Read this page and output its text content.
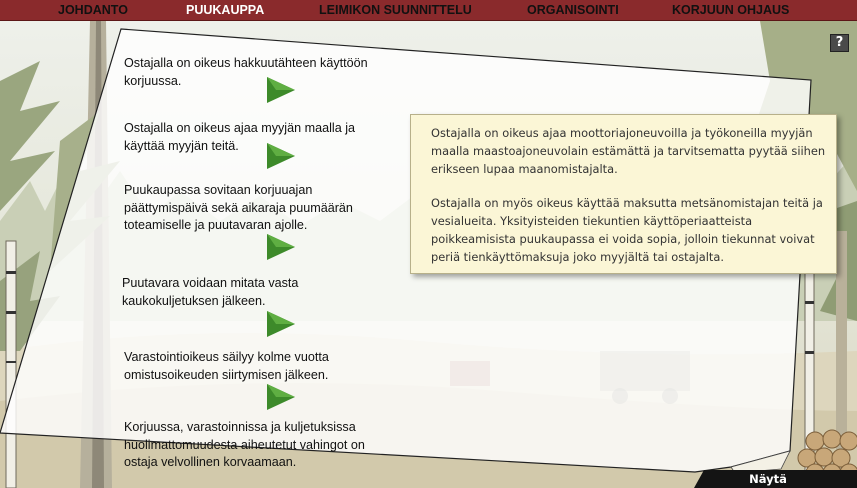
JOHDANTO	PUUKAUPPA	LEIMIKON SUUNNITTELU	ORGANISOINTI	KORJUUN OHJAUS
Ostajalla on oikeus hakkuutähteen käyttöön korjuussa.
Ostajalla on oikeus ajaa myyjän maalla ja käyttää myyjän teitä.
Puukaupassa sovitaan korjuuajan päättymispäivä sekä aikaraja puumäärän toteamiselle ja puutavaran ajolle.
Puutavara voidaan mitata vasta kaukokuljetuksen jälkeen.
Varastointioikeus säilyy kolme vuotta omistusoikeuden siirtymisen jälkeen.
Korjuussa, varastoinnissa ja kuljetuksissa huolimattomuudesta aiheutetut vahingot on ostaja velvollinen korvaamaan.

Ostajalla on oikeus ajaa moottoriajoneuvoilla ja työkoneilla myyjän maalla maastoajoneuvolain estämättä ja tarvitsematta pyytää siihen erikseen lupaa maanomistajalta.

Ostajalla on myös oikeus käyttää maksutta metsänomistajan teitä ja vesialueita. Yksityisteiden tiekuntien käyttöperiaatteista poikkeamisista puukaupassa ei voida sopia, jolloin tiekunnat voivat periä tienkäyttömaksuja joko myyjältä tai ostajalta.

?
Näytä
